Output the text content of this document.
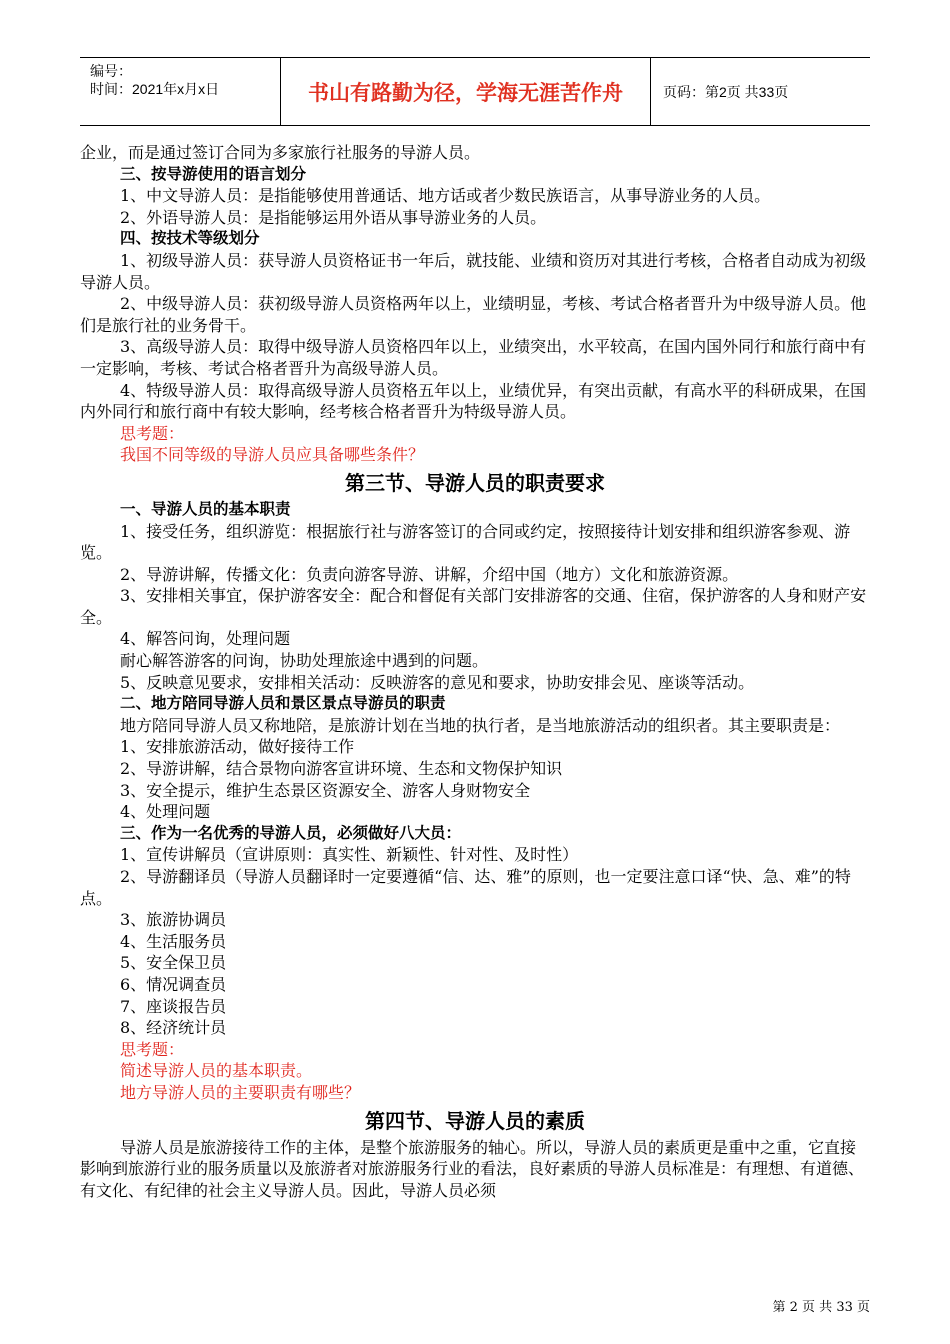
编号：
时间：2021年x月x日	书山有路勤为径，学海无涯苦作舟	页码：第2页 共33页

企业，而是通过签订合同为多家旅行社服务的导游人员。

三、按导游使用的语言划分

1、中文导游人员：是指能够使用普通话、地方话或者少数民族语言，从事导游业务的人员。

2、外语导游人员：是指能够运用外语从事导游业务的人员。

四、按技术等级划分

1、初级导游人员：获导游人员资格证书一年后，就技能、业绩和资历对其进行考核，合格者自动成为初级导游人员。

2、中级导游人员：获初级导游人员资格两年以上，业绩明显，考核、考试合格者晋升为中级导游人员。他们是旅行社的业务骨干。

3、高级导游人员：取得中级导游人员资格四年以上，业绩突出，水平较高，在国内国外同行和旅行商中有一定影响，考核、考试合格者晋升为高级导游人员。

4、特级导游人员：取得高级导游人员资格五年以上，业绩优异，有突出贡献，有高水平的科研成果，在国内外同行和旅行商中有较大影响，经考核合格者晋升为特级导游人员。

思考题：

我国不同等级的导游人员应具备哪些条件？

第三节、导游人员的职责要求

一、导游人员的基本职责

1、接受任务，组织游览：根据旅行社与游客签订的合同或约定，按照接待计划安排和组织游客参观、游览。

2、导游讲解，传播文化：负责向游客导游、讲解，介绍中国（地方）文化和旅游资源。

3、安排相关事宜，保护游客安全：配合和督促有关部门安排游客的交通、住宿，保护游客的人身和财产安全。

4、解答问询，处理问题

耐心解答游客的问询，协助处理旅途中遇到的问题。

5、反映意见要求，安排相关活动：反映游客的意见和要求，协助安排会见、座谈等活动。

二、地方陪同导游人员和景区景点导游员的职责

地方陪同导游人员又称地陪，是旅游计划在当地的执行者，是当地旅游活动的组织者。其主要职责是：

1、安排旅游活动，做好接待工作

2、导游讲解，结合景物向游客宣讲环境、生态和文物保护知识

3、安全提示，维护生态景区资源安全、游客人身财物安全

4、处理问题

三、作为一名优秀的导游人员，必须做好八大员：

1、宣传讲解员（宣讲原则：真实性、新颖性、针对性、及时性）

2、导游翻译员（导游人员翻译时一定要遵循“信、达、雅”的原则，也一定要注意口译“快、急、难”的特点。

3、旅游协调员

4、生活服务员

5、安全保卫员

6、情况调查员

7、座谈报告员

8、经济统计员

思考题：

简述导游人员的基本职责。

地方导游人员的主要职责有哪些？

第四节、导游人员的素质

导游人员是旅游接待工作的主体，是整个旅游服务的轴心。所以，导游人员的素质更是重中之重，它直接影响到旅游行业的服务质量以及旅游者对旅游服务行业的看法，良好素质的导游人员标准是：有理想、有道德、有文化、有纪律的社会主义导游人员。因此，导游人员必须

第 2 页 共 33 页
